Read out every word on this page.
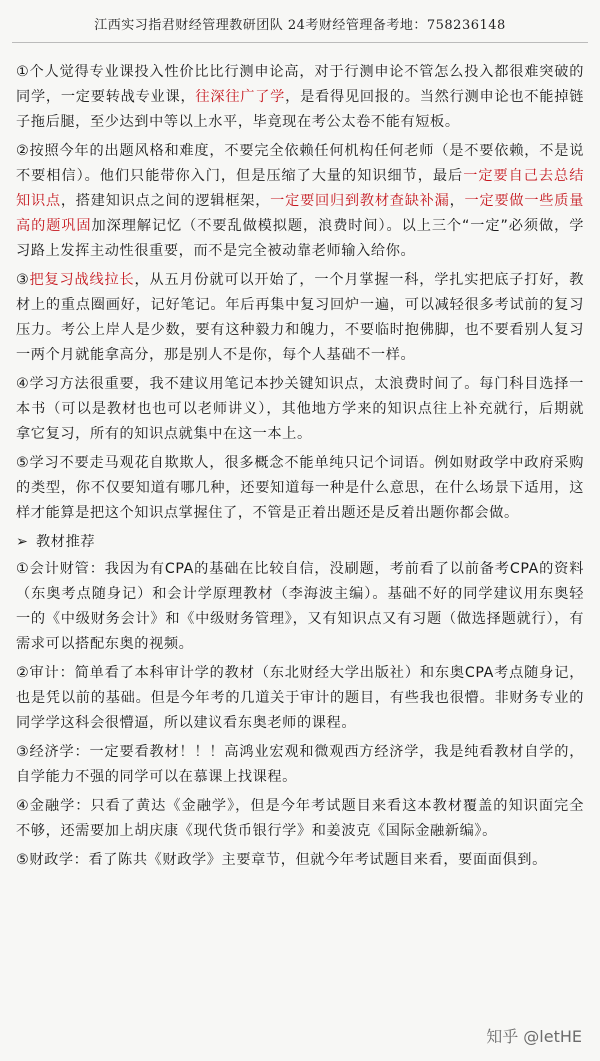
江西实习指君财经管理教研团队 24考财经管理备考地：758236148

①个人觉得专业课投入性价比比行测申论高，对于行测申论不管怎么投入都很难突破的同学，一定要转战专业课，往深往广了学，是看得见回报的。当然行测申论也不能掉链子拖后腿，至少达到中等以上水平，毕竟现在考公太卷不能有短板。

②按照今年的出题风格和难度，不要完全依赖任何机构任何老师（是不要依赖，不是说不要相信）。他们只能带你入门，但是压缩了大量的知识细节，最后一定要自己去总结知识点，搭建知识点之间的逻辑框架，一定要回归到教材查缺补漏，一定要做一些质量高的题巩固加深理解记忆（不要乱做模拟题，浪费时间）。以上三个“一定”必须做，学习路上发挥主动性很重要，而不是完全被动靠老师输入给你。

③把复习战线拉长，从五月份就可以开始了，一个月掌握一科，学扎实把底子打好，教材上的重点圈画好，记好笔记。年后再集中复习回炉一遍，可以减轻很多考试前的复习压力。考公上岸人是少数，要有这种毅力和魄力，不要临时抱佛脚，也不要看别人复习一两个月就能拿高分，那是别人不是你，每个人基础不一样。

④学习方法很重要，我不建议用笔记本抄关键知识点，太浪费时间了。每门科目选择一本书（可以是教材也也可以老师讲义），其他地方学来的知识点往上补充就行，后期就拿它复习，所有的知识点就集中在这一本上。

⑤学习不要走马观花自欺欺人，很多概念不能单纯只记个词语。例如财政学中政府采购的类型，你不仅要知道有哪几种，还要知道每一种是什么意思，在什么场景下适用，这样才能算是把这个知识点掌握住了，不管是正着出题还是反着出题你都会做。

➢ 教材推荐

①会计财管：我因为有CPA的基础在比较自信，没刷题，考前看了以前备考CPA的资料（东奥考点随身记）和会计学原理教材（李海波主编）。基础不好的同学建议用东奥轻一的《中级财务会计》和《中级财务管理》，又有知识点又有习题（做选择题就行），有需求可以搭配东奥的视频。

②审计：简单看了本科审计学的教材（东北财经大学出版社）和东奥CPA考点随身记，也是凭以前的基础。但是今年考的几道关于审计的题目，有些我也很懵。非财务专业的同学学这科会很懵逼，所以建议看东奥老师的课程。

③经济学：一定要看教材！！！高鸿业宏观和微观西方经济学，我是纯看教材自学的，自学能力不强的同学可以在慕课上找课程。

④金融学：只看了黄达《金融学》，但是今年考试题目来看这本教材覆盖的知识面完全不够，还需要加上胡庆康《现代货币银行学》和姜波克《国际金融新编》。

⑤财政学：看了陈共《财政学》主要章节，但就今年考试题目来看，要面面俱到。

知乎 @letHE
